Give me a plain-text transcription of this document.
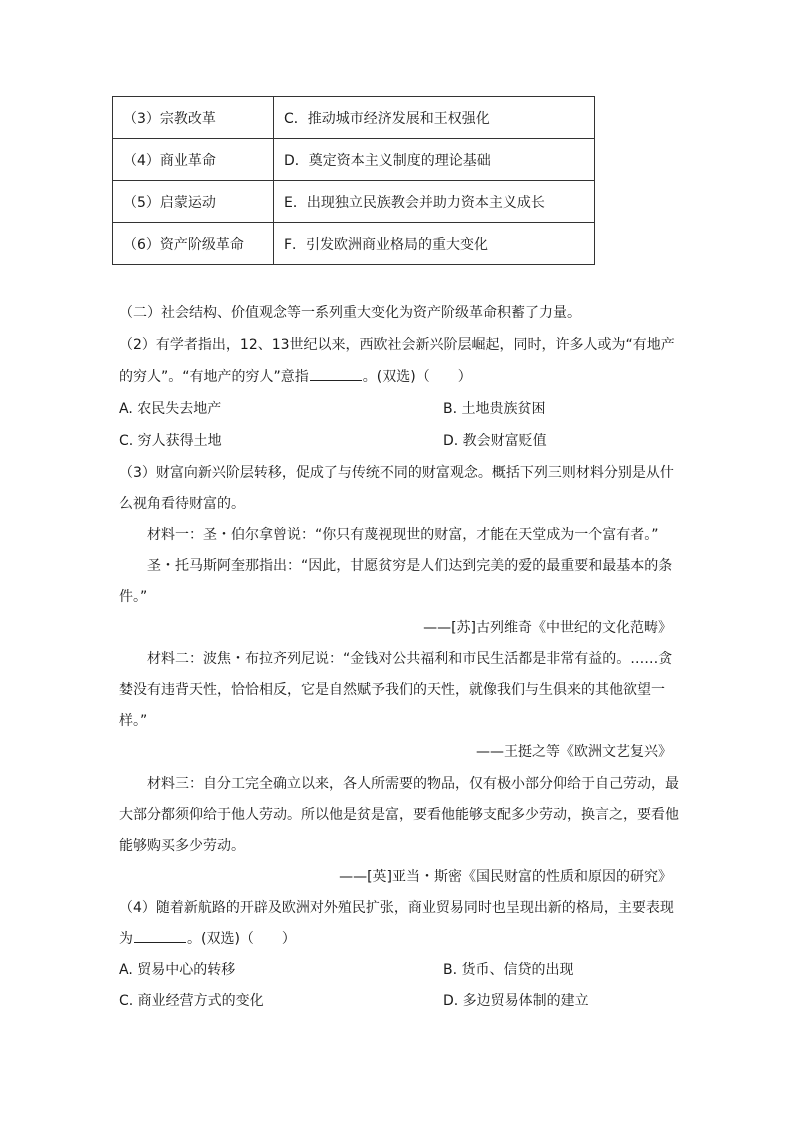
（3）宗教改革	C．推动城市经济发展和王权强化
（4）商业革命	D．奠定资本主义制度的理论基础
（5）启蒙运动	E．出现独立民族教会并助力资本主义成长
（6）资产阶级革命	F．引发欧洲商业格局的重大变化
（二）社会结构、价值观念等一系列重大变化为资产阶级革命积蓄了力量。
（2）有学者指出，12、13世纪以来，西欧社会新兴阶层崛起，同时，许多人或为“有地产
的穷人”。“有地产的穷人”意指	。(双选)（　　）
A. 农民失去地产	B. 土地贵族贫困
C. 穷人获得土地	D. 教会财富贬值
（3）财富向新兴阶层转移，促成了与传统不同的财富观念。概括下列三则材料分别是从什
么视角看待财富的。
材料一：圣・伯尔拿曾说：“你只有蔑视现世的财富，才能在天堂成为一个富有者。”
圣・托马斯阿奎那指出：“因此，甘愿贫穷是人们达到完美的爱的最重要和最基本的条
件。”
——[苏]古列维奇《中世纪的文化范畴》
材料二：波焦・布拉齐列尼说：“金钱对公共福利和市民生活都是非常有益的。……贪
婪没有违背天性，恰恰相反，它是自然赋予我们的天性，就像我们与生俱来的其他欲望一
样。”
——王挺之等《欧洲文艺复兴》
材料三：自分工完全确立以来，各人所需要的物品，仅有极小部分仰给于自己劳动，最
大部分都须仰给于他人劳动。所以他是贫是富，要看他能够支配多少劳动，换言之，要看他
能够购买多少劳动。
——[英]亚当・斯密《国民财富的性质和原因的研究》
（4）随着新航路的开辟及欧洲对外殖民扩张，商业贸易同时也呈现出新的格局，主要表现
为	。(双选)（　　）
A. 贸易中心的转移	B. 货币、信贷的出现
C. 商业经营方式的变化	D. 多边贸易体制的建立
